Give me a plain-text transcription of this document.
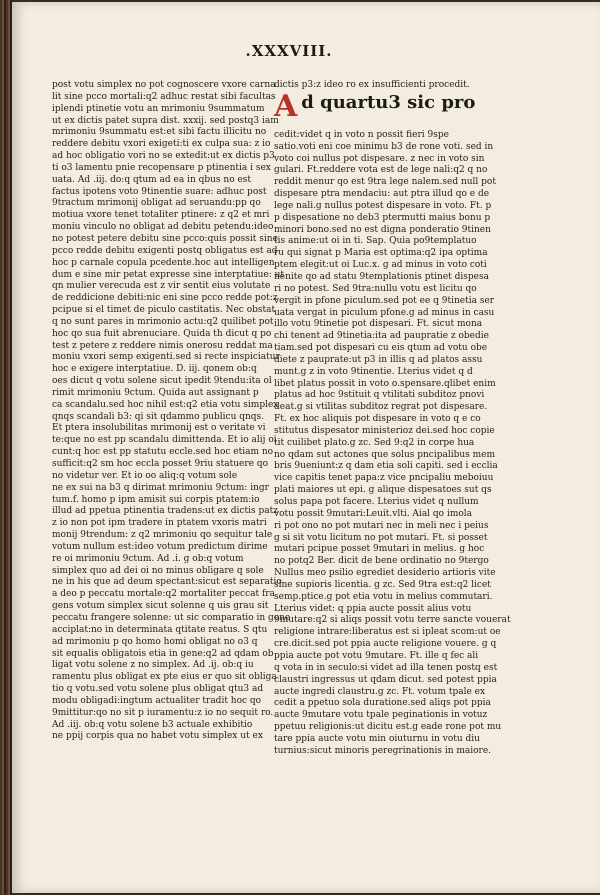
.XXXVIII.
post votu simplex no pot cognoscere vxore carna
lit sine pcco mortali:q2 adhuc restat sibi facultas
iplendi ptinetie votu an mrimoniu 9summatum
ut ex dictis patet supra dist. xxxij. sed postq3 iam
mrimoniu 9summatu est:et sibi factu illicitu no
reddere debitu vxori exigeti:ti ex culpa sua: z io
ad hoc obligatio vori no se extedit:ut ex dictis p3
ti o3 lamentu pnie recopensare p ptinentia i sex
uata. Ad .iij. do:q qtum ad ea in qbus no est
factus ipotens voto 9tinentie suare: adhuc post
9tractum mrimonij obligat ad seruandu:pp qo
motiua vxore tenet totaliter ptinere: z q2 et mri
moniu vinculo no obligat ad debitu petendu:ideo
no potest petere debitu sine pcco:quis possit sine
pcco redde debitu exigenti postq obligatus est ad
hoc p carnale copula pcedente.hoc aut intelligen
dum e sine mir petat expresse sine interptatiue: ut
qn mulier verecuda est z vir sentit eius volutate
de reddicione debiti:nic eni sine pcco redde pot:z
pcipue si el timet de piculo castitatis. Nec obstat
q no sunt pares in mrimonio actu:q2 quilibet pot
hoc qo sua fuit abrenuciare. Quida th dicut q po
test z petere z reddere nimis onerosu reddat ma
moniu vxori semp exigenti.sed si recte inspiciatur
hoc e exigere interptatiue. D. iij. qonem ob:q
oes dicut q votu solene sicut ipedit 9tendu:ita ol
rimit mrimoniu 9ctum. Quida aut assignant p
ca scandalu.sed hoc nihil est:q2 etia votu simplex
qnqs scandali b3: qi sit qdammo publicu qnqs.
Et ptera insolubilitas mrimonij est o veritate vi
te:que no est pp scandalu dimittenda. Et io alij oi
cunt:q hoc est pp statutu eccle.sed hoc etiam no
sufficit:q2 sm hoc eccla posset 9riu statuere qo
no videtur ver. Et io oo aliq:q votum sole
ne ex sui na b3 q dirimat mrimoniu 9ctum: ingr
tum.f. homo p ipm amisit sui corpis ptatem:io
illud ad ppetua ptinentia tradens:ut ex dictis patz
z io non pot ipm tradere in ptatem vxoris matri
monij 9trendum: z q2 mrimoniu qo sequitur tale
votum nullum est:ideo votum predictum dirime
re oi mrimoniu 9ctum. Ad .i. g ob:q votum
simplex quo ad dei oi no minus obligare q sole
ne in his que ad deum spectant:sicut est separatio
a deo p peccatu mortale:q2 mortaliter peccat fra
gens votum simplex sicut solenne q uis grau sit
peccatu frangere solenne: ut sic comparatio in gene
acciplat:no in determinata qtitate reatus. S qtu
ad mrimoniu p qo homo homi obligat no o3 q
sit equalis obligatois etia in gene:q2 ad qdam ob
ligat votu solene z no simplex. Ad .ij. ob:q iu
ramentu plus obligat ex pte eius er quo sit obliga
tio q votu.sed votu solene plus obligat qtu3 ad
modu obligadi:ingtum actualiter tradit hoc qo
9mittitur:qo no sit p iuramentu:z io no sequit ro.
Ad .iij. ob:q votu solene b3 actuale exhibitio
ne ppij corpis qua no habet votu simplex ut ex
dictis p3:z ideo ro ex insufficienti procedit.
A d quartu3 sic pro
cedit:videt q in voto n possit fieri 9spe
satio.voti eni coe minimu b3 de rone voti. sed in
voto coi nullus pot dispesare. z nec in voto sin
gulari. Ft.reddere vota est de lege nali:q2 q no
reddit menur qo est 9tra lege nalem.sed null pot
dispesare ptra mendaciu: aut ptra illud qo e de
lege nali.g nullus potest dispesare in voto. Ft. p
p dispesatione no deb3 ptermutti maius bonu p
minori bono.sed no est digna ponderatio 9tinen
tis anime:ut oi in ti. Sap. Quia po9templatuo
ru qui signat p Maria est optima:q2 ipa optima
ptem elegit:ut oi Luc.x. g ad minus in voto coti
nenite qo ad statu 9templationis ptinet dispesa
ri no potest. Sed 9tra:nullu votu est licitu qo
vergit in pfone piculum.sed pot ee q 9tinetia ser
uata vergat in piculum pfone.g ad minus in casu
illo votu 9tinetie pot dispesari. Ft. sicut mona
chi tenent ad 9tinetia:ita ad paupratie z obedie
tiam.sed pot dispesari cu eis qtum ad votu obe
diete z pauprate:ut p3 in illis q ad platos assu
munt.g z in voto 9tinentie. Lterius videt q d
libet platus possit in voto o.spensare.qlibet enim
platus ad hoc 9stituit q vtilitati subditoz pnovi
deat.g si vtilitas subditoz regrat pot dispesare.
Ft. ex hoc aliquis pot dispesare in voto q e co
stitutus dispesator ministerioz dei.sed hoc copie
tit cuilibet plato.g zc. Sed 9:q2 in corpe hua
no qdam sut actones que solus pncipalibus mem
bris 9ueniunt:z q dam etia soli capiti. sed i ecclia
vice capitis tenet papa:z vice pncipaliu meboiuu
plati maiores ut epi. g alique dispesatoes sut qs
solus papa pot facere. Lterius videt q nullum
votu possit 9mutari:Leuit.vlti. Aial qo imola
ri pot ono no pot mutari nec in meli nec i peius
g si sit votu licitum no pot mutari. Ft. si posset
mutari pcipue posset 9mutari in melius. g hoc
no potq2 Ber. dicit de bene ordinatio no 9tergo
Nullus meo psilio egrediet desiderio artioris vite
sine supioris licentia. g zc. Sed 9tra est:q2 licet
semp.ptice.g pot etia votu in melius commutari.
Lterius videt: q ppia aucte possit alius votu
9mutare:q2 si aliqs possit votu terre sancte vouerat
religione intrare:liberatus est si ipleat scom:ut oe
cre.dicit.sed pot ppia aucte religione vouere. g q
ppia aucte pot votu 9mutare. Ft. ille q fec ali
q vota in in seculo:si videt ad illa tenen postq est
claustri ingressus ut qdam dicut. sed potest ppia
aucte ingredi claustru.g zc. Ft. votum tpale ex
cedit a ppetuo sola duratione.sed aliqs pot ppia
aucte 9mutare votu tpale peginationis in votuz
ppetuu religionis:ut dicitu est.g eade rone pot mu
tare ppia aucte votu min oiuturnu in votu diu
turnius:sicut minoris peregrinationis in maiore.
